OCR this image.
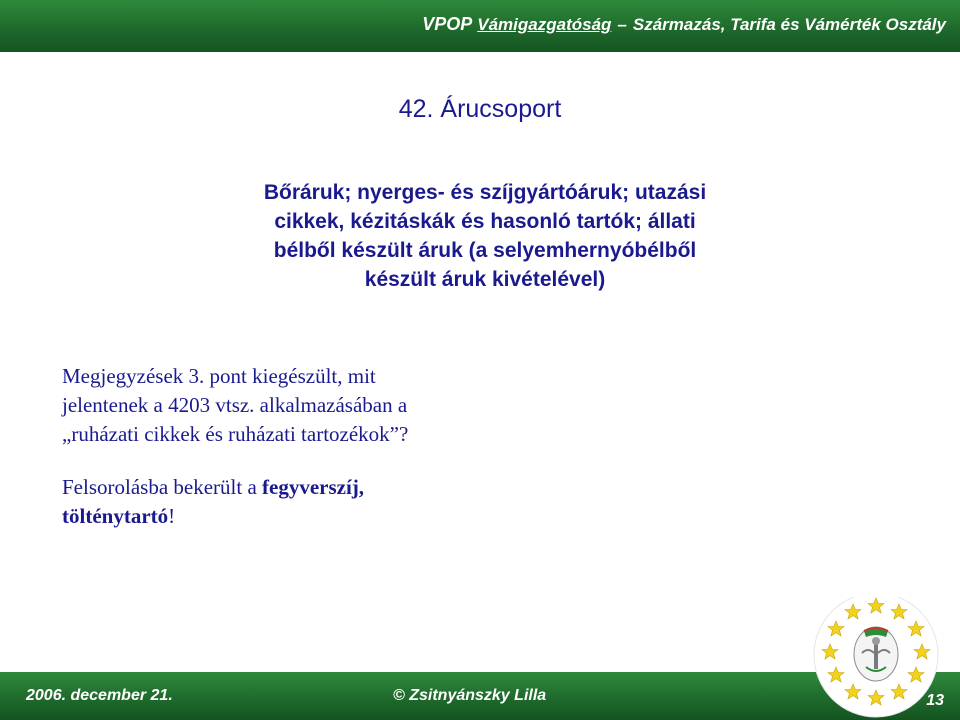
VPOP Vámigazgatóság – Származás, Tarifa és Vámérték Osztály
42. Árucsoport
Bőráruk; nyerges- és szíjgyártóáruk; utazási
cikkek, kézitáskák és hasonló tartók; állati
bélből készült áruk (a selyemhernyóbélből
készült áruk kivételével)
Megjegyzések 3. pont kiegészült, mit
jelentenek a 4203 vtsz. alkalmazásában a
„ruházati cikkek és ruházati tartozékok”?
Felsorolásba bekerült a fegyverszíj,
tölténytartó!
2006. december 21.	© Zsitnyánszky Lilla	13
